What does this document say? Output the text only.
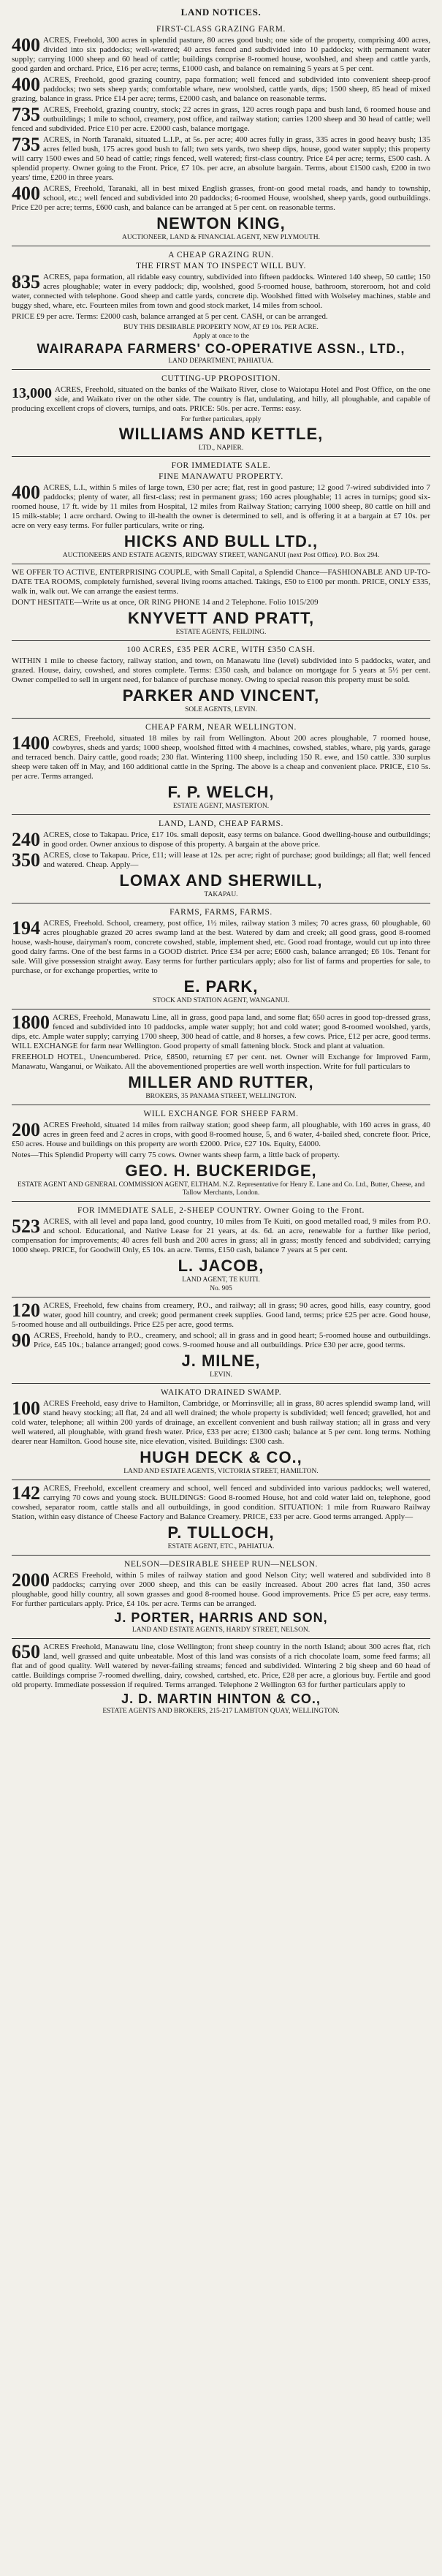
LAND NOTICES.
FIRST-CLASS GRAZING FARM.
400 ACRES, Freehold, 300 acres in splendid pasture, 80 acres good bush; one side of the property, comprising 400 acres, divided into six paddocks; well-watered; 40 acres fenced and subdivided into 10 paddocks; with permanent water supply; carrying 1000 sheep and 60 head of cattle; buildings comprise 8-roomed house, woolshed, and sheep and cattle yards, good garden and orchard. Price, £16 per acre; terms, £1000 cash, and balance on remaining 5 years at 5 per cent.
400 ACRES, Freehold, good grazing country, papa formation; well fenced and subdivided into convenient sheep-proof paddocks; two sets sheep yards; comfortable whare, new woolshed, cattle yards, dips; 1500 sheep, 85 head of mixed grazing, balance in grass. Price £14 per acre; terms, £2000 cash, and balance on reasonable terms.
735 ACRES, Freehold, grazing country, stock; 22 acres in grass, 120 acres rough papa and bush land, 6 roomed house and outbuildings; 1 mile to school, creamery, post office, and railway station; carries 1200 sheep and 30 head of cattle; well fenced and subdivided. Price £10 per acre. £2000 cash, balance mortgage.
735 ACRES, in North Taranaki, situated L.I.P., at 5s. per acre; 400 acres fully in grass, 335 acres in good heavy bush; 135 acres felled bush, 175 acres good bush to fall; two sets yards, two sheep dips, house, good water supply; this property will carry 1500 ewes and 50 head of cattle; rings fenced, well watered; first-class country. Price £4 per acre; terms, £500 cash. A splendid property. Owner going to the Front. Price, £7 10s. per acre, an absolute bargain. Terms, about £1500 cash, £200 in two years' time, £200 in three years.
400 ACRES, Freehold, Taranaki, all in best mixed English grasses, front-on good metal roads, and handy to township, school, etc.; well fenced and subdivided into 20 paddocks; 6-roomed House, woolshed, sheep yards, good outbuildings. Price £20 per acre; terms, £600 cash, and balance can be arranged at 5 per cent. on reasonable terms.
NEWTON KING,
AUCTIONEER, LAND & FINANCIAL AGENT, NEW PLYMOUTH.
A CHEAP GRAZING RUN.
THE FIRST MAN TO INSPECT WILL BUY.
835 ACRES, papa formation, all ridable easy country, subdivided into fifteen paddocks. Wintered 140 sheep, 50 cattle; 150 acres ploughable; water in every paddock; dip, woolshed, good 5-roomed house, bathroom, storeroom, hot and cold water, connected with telephone. Good sheep and cattle yards, concrete dip. Woolshed fitted with Wolseley machines, stable and buggy shed, whare, etc. Fourteen miles from town and good stock market, 14 miles from school.
PRICE £9 per acre. Terms: £2000 cash, balance arranged at 5 per cent. CASH, or can be arranged.
BUY THIS DESIRABLE PROPERTY NOW, AT £9 10s. PER ACRE.
Apply at once to the
WAIRARAPA FARMERS' CO-OPERATIVE ASSN., LTD.,
LAND DEPARTMENT, PAHIATUA.
CUTTING-UP PROPOSITION.
13,000 ACRES, Freehold, situated on the banks of the Waikato River, close to Waiotapu Hotel and Post Office, on the one side, and Waikato river on the other side. The country is flat, undulating, and hilly, all ploughable, and capable of producing excellent crops of clovers, turnips, and oats. PRICE: 50s. per acre. Terms: easy.
For further particulars, apply
WILLIAMS AND KETTLE,
LTD., NAPIER.
FOR IMMEDIATE SALE.
FINE MANAWATU PROPERTY.
400 ACRES, L.I., within 5 miles of large town, £30 per acre; flat, rest in good pasture; 12 good 7-wired subdivided into 7 paddocks; plenty of water, all first-class; rest in permanent grass; 160 acres ploughable; 11 acres in turnips; good six-roomed house, 17 ft. wide by 11 miles from Hospital, 12 miles from Railway Station; carrying 1000 sheep, 80 cattle on hill and 15 milk-stable; 1 acre orchard. Owing to ill-health the owner is determined to sell, and is offering it at a bargain at £7 10s. per acre on very easy terms. For fuller particulars, write or ring.
HICKS AND BULL LTD.,
AUCTIONEERS AND ESTATE AGENTS, RIDGWAY STREET, WANGANUI (next Post Office). P.O. Box 294.
WE OFFER TO ACTIVE, ENTERPRISING COUPLE, with Small Capital, a Splendid Chance—FASHIONABLE AND UP-TO-DATE TEA ROOMS, completely furnished, several living rooms attached. Takings, £50 to £100 per month. PRICE, ONLY £335, walk in, walk out. We can arrange the easiest terms.
DON'T HESITATE—Write us at once, OR RING PHONE 14 and 2 Telephone. Folio 1015/209
KNYVETT AND PRATT,
ESTATE AGENTS, FEILDING.
100 ACRES, £35 PER ACRE, WITH £350 CASH.
WITHIN 1 mile to cheese factory, railway station, and town, on Manawatu line (level) subdivided into 5 paddocks, water, and grazed. House, dairy, cowshed, and stores complete. Terms: £350 cash, and balance on mortgage for 5 years at 5½ per cent. Owner compelled to sell in urgent need, for balance of purchase money. Owing to special reason this property must be sold.
PARKER AND VINCENT,
SOLE AGENTS, LEVIN.
CHEAP FARM, NEAR WELLINGTON.
1400 ACRES, Freehold, situated 18 miles by rail from Wellington. About 200 acres ploughable, 7 roomed house, cowbyres, sheds and yards; 1000 sheep, woolshed fitted with 4 machines, cowshed, stables, whare, pig yards, garage and terraced bench. Dairy cattle, good roads; 230 flat. Wintering 1100 sheep, including 150 R. ewe, and 150 cattle. 330 surplus sheep were taken off in May, and 160 additional cattle in the Spring. The above is a cheap and convenient place. PRICE, £10 5s. per acre. Terms arranged.
F. P. WELCH,
ESTATE AGENT, MASTERTON.
LAND, LAND, CHEAP FARMS.
240 ACRES, close to Takapau. Price, £17 10s. small deposit, easy terms on balance. Good dwelling-house and outbuildings; in good order. Owner anxious to dispose of this property. A bargain at the above price.
350 ACRES, close to Takapau. Price, £11; will lease at 12s. per acre; right of purchase; good buildings; all flat; well fenced and watered. Cheap. Apply—
LOMAX AND SHERWILL,
TAKAPAU.
FARMS, FARMS, FARMS.
194 ACRES, Freehold. School, creamery, post office, 1½ miles, railway station 3 miles; 70 acres grass, 60 ploughable, 60 acres ploughable grazed 20 acres swamp land at the best. Watered by dam and creek; all good grass, good 8-roomed house, wash-house, dairyman's room, concrete cowshed, stable, implement shed, etc. Good road frontage, would cut up into three good dairy farms. One of the best farms in a GOOD district. Price £34 per acre; £600 cash, balance arranged; £6 10s. Tenant for sale. Will give possession straight away. Easy terms for further particulars apply; also for list of farms and properties for sale, to purchase, or for exchange properties, write to
E. PARK,
STOCK AND STATION AGENT, WANGANUI.
1800 ACRES, Freehold, Manawatu Line, all in grass, good papa land, and some flat; 650 acres in good top-dressed grass, fenced and subdivided into 10 paddocks, ample water supply; hot and cold water; good 8-roomed woolshed, yards, dips, etc. Ample water supply; carrying 1700 sheep, 300 head of cattle, and 8 horses, a few cows. Price, £12 per acre, good terms. WILL EXCHANGE for farm near Wellington. Good property of small fattening block. Stock and plant at valuation.
FREEHOLD HOTEL, Unencumbered. Price, £8500, returning £7 per cent. net. Owner will Exchange for Improved Farm, Manawatu, Wanganui, or Waikato. All the abovementioned properties are well worth inspection. Write for full particulars to
MILLER AND RUTTER,
BROKERS, 35 PANAMA STREET, WELLINGTON.
WILL EXCHANGE FOR SHEEP FARM.
200 ACRES Freehold, situated 14 miles from railway station; good sheep farm, all ploughable, with 160 acres in grass, 40 acres in green feed and 2 acres in crops, with good 8-roomed house, 5, and 6 water, 4-bailed shed, concrete floor. Price, £50 acres. House and buildings on this property are worth £2000. Price, £27 10s. Equity, £4000.
Notes—This Splendid Property will carry 75 cows. Owner wants sheep farm, a little back of property.
GEO. H. BUCKERIDGE,
ESTATE AGENT AND GENERAL COMMISSION AGENT, ELTHAM. N.Z. Representative for Henry E. Lane and Co. Ltd., Butter, Cheese, and Tallow Merchants, London.
FOR IMMEDIATE SALE, 2-SHEEP COUNTRY. Owner Going to the Front.
523 ACRES, with all level and papa land, good country, 10 miles from Te Kuiti, on good metalled road, 9 miles from P.O. and school. Educational, and Native Lease for 21 years, at 4s. 6d. an acre, renewable for a further like period, compensation for improvements; 40 acres fell bush and 200 acres in grass; all in grass; mostly fenced and subdivided; carrying 1000 sheep. PRICE, for Goodwill Only, £5 10s. an acre. Terms, £150 cash, balance 7 years at 5 per cent.
L. JACOB,
LAND AGENT, TE KUITI.
No. 905
120 ACRES, Freehold, few chains from creamery, P.O., and railway; all in grass; 90 acres, good hills, easy country, good water, good hill country, and creek; good permanent creek supplies. Good land, terms; price £25 per acre. Good house, 5-roomed house and all outbuildings. Price £25 per acre, good terms.
90 ACRES, Freehold, handy to P.O., creamery, and school; all in grass and in good heart; 5-roomed house and outbuildings. Price, £45 10s.; balance arranged; good cows. 9-roomed house and all outbuildings. Price £30 per acre, good terms.
J. MILNE,
LEVIN.
WAIKATO DRAINED SWAMP.
100 ACRES Freehold, easy drive to Hamilton, Cambridge, or Morrinsville; all in grass, 80 acres splendid swamp land, will stand heavy stocking; all flat, 24 and all well drained; the whole property is subdivided; well fenced; gravelled, hot and cold water, telephone; all within 200 yards of drainage, an excellent convenient and bush railway station; all in grass and very well watered, all ploughable, with grand fresh water. Price, £33 per acre; £1300 cash; balance at 5 per cent. long terms. Nothing dearer near Hamilton. Good house site, nice elevation, visited. Buildings: £300 cash.
HUGH DECK & CO.,
LAND AND ESTATE AGENTS, VICTORIA STREET, HAMILTON.
142 ACRES, Freehold, excellent creamery and school, well fenced and subdivided into various paddocks; well watered, carrying 70 cows and young stock. BUILDINGS: Good 8-roomed House, hot and cold water laid on, telephone, good cowshed, separator room, cattle stalls and all outbuildings, in good condition. SITUATION: 1 mile from Ruawaro Railway Station, within easy distance of Cheese Factory and Balance Creamery. PRICE, £33 per acre. Good terms arranged. Apply—
P. TULLOCH,
ESTATE AGENT, ETC., PAHIATUA.
NELSON—DESIRABLE SHEEP RUN—NELSON.
2000 ACRES Freehold, within 5 miles of railway station and good Nelson City; well watered and subdivided into 8 paddocks; carrying over 2000 sheep, and this can be easily increased. About 200 acres flat land, 350 acres ploughable, good hilly country, all sown grasses and good 8-roomed house. Good improvements. Price £5 per acre, easy terms. For further particulars apply. Price, £4 10s. per acre. Terms can be arranged.
J. PORTER, HARRIS AND SON,
LAND AND ESTATE AGENTS, HARDY STREET, NELSON.
650 ACRES Freehold, Manawatu line, close Wellington; front sheep country in the north Island; about 300 acres flat, rich land, well grassed and quite unbeatable. Most of this land was consists of a rich chocolate loam, some feed farms; all flat and of good quality. Well watered by never-failing streams; fenced and subdivided. Wintering 2 big sheep and 60 head of cattle. Buildings comprise 7-roomed dwelling, dairy, cowshed, cartshed, etc. Price, £28 per acre, a glorious buy. Fertile and good old property. Immediate possession if required. Terms arranged. Telephone 2 Wellington 63 for further particulars apply to
J. D. MARTIN HINTON & CO.,
ESTATE AGENTS AND BROKERS, 215-217 LAMBTON QUAY, WELLINGTON.
